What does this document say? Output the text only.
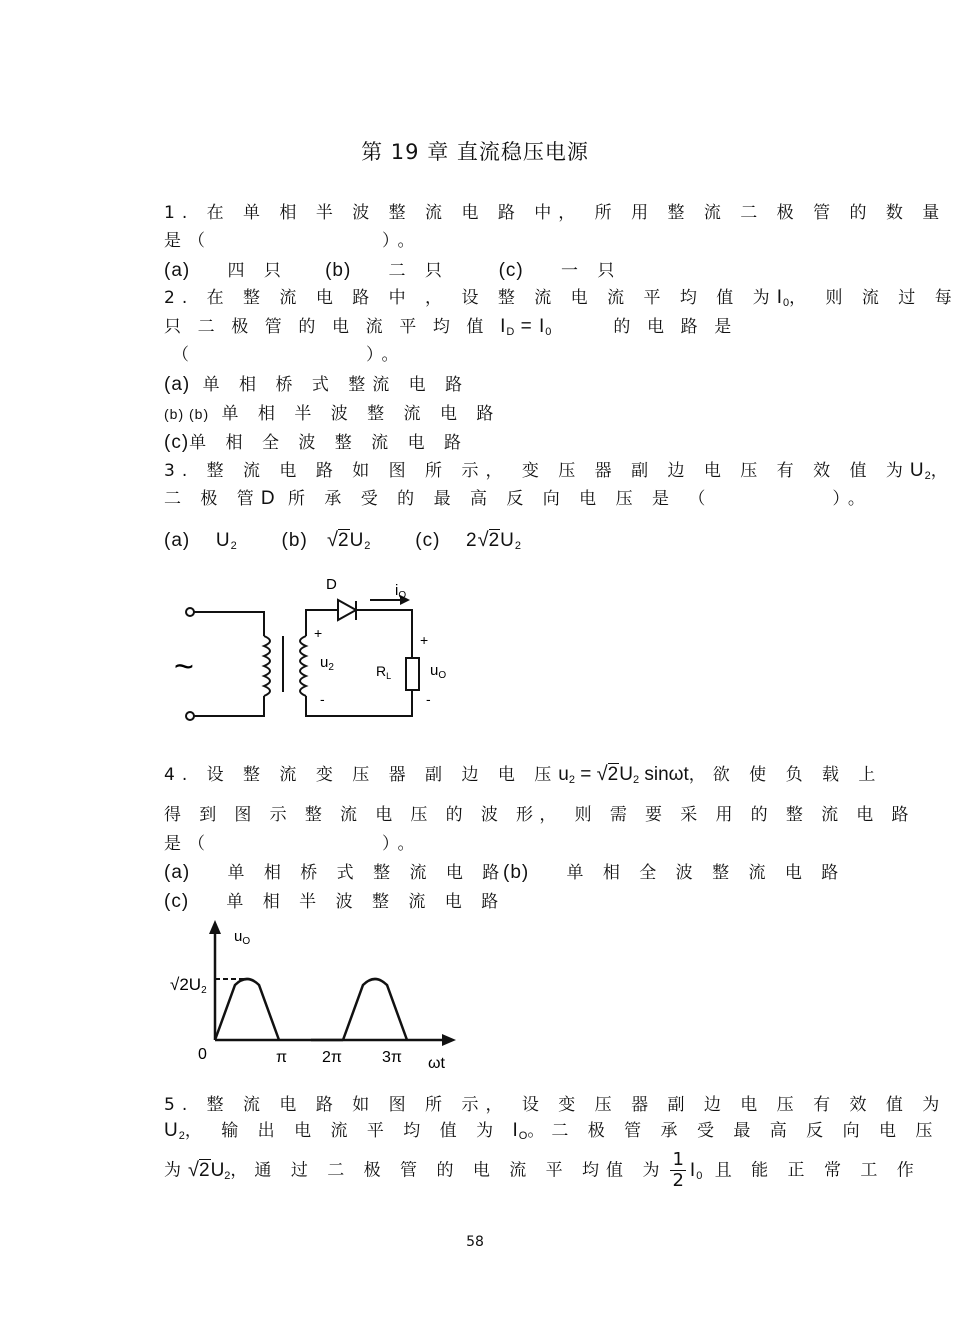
第 19 章 直流稳压电源
1. 在 单 相 半 波 整 流 电 路 中， 所 用 整 流 二 极 管 的 数 量
是（	）。
(a) 四 只 (b) 二 只	(c) 一 只
2. 在 整 流 电 路 中 ， 设 整 流 电 流 平 均 值 为$I_0$， 则 流 过 每
只 二 极 管 的 电 流 平 均 值 $I_D = I_0$	的 电 路 是
（	）。
(a) 单 相 桥 式 整流 电 路
(b) (b) 单 相 半 波 整 流 电 路
(c)单 相 全 波 整 流 电 路
3. 整 流 电 路 如 图 所 示， 变 压 器 副 边 电 压 有 效 值 为$U_2$，
二 极 管D 所 承 受 的 最 高 反 向 电 压 是 （	）。
(a) $U_2$ (b) $√2U_2$ (c) $2√2U_2$
D	$i_O$
+
$u_2$
-
$R_L$
+
$u_O$
-
~
4. 设 整 流 变 压 器 副 边 电 压$u_2 = √2U_2$ sinωt，欲 使 负 载 上
得 到 图 示 整 流 电 压 的 波 形， 则 需 要 采 用 的 整 流 电 路
是（	）。
(a) 单 相 桥 式 整 流 电 路
(b) 单 相 全 波 整 流 电 路
(c) 单 相 半 波 整 流 电 路
$u_O$
√2U2
0	π 2π	3π ωt
5. 整 流 电 路 如 图 所 示， 设 变 压 器 副 边 电 压 有 效 值 为
$U_2$， 输 出 电 流 平 均 值 为 $I_O$。二 极 管 承 受 最 高 反 向 电 压
为$√2U_2$，通 过 二 极 管 的 电 流 平 均值 为 $\frac{1}{2} I_0$ 且 能 正 常 工 作
58
